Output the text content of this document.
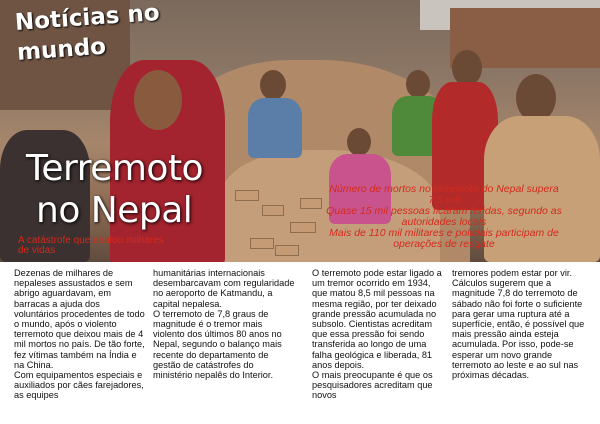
Notícias no mundo
Terremoto
no Nepal
A catástrofe que abalou milhares de vidas
Número de mortos no terremoto do Nepal supera 7,5 mil
Quase 15 mil pessoas ficaram feridas, segundo as autoridades locais
Mais de 110 mil militares e policiais participam de operações de resgate

Dezenas de milhares de nepaleses assustados e sem abrigo aguardavam, em barracas a ajuda dos voluntários procedentes de todo o mundo, após o violento terremoto que deixou mais de 4 mil mortos no país. De tão forte, fez vítimas também na Índia e na China.

Com equipamentos especiais e auxiliados por cães farejadores, as equipes

humanitárias internacionais desembarcavam com regularidade no aeroporto de Katmandu, a capital nepalesa.

O terremoto de 7,8 graus de magnitude é o tremor mais violento dos últimos 80 anos no Nepal, segundo o balanço mais recente do departamento de gestão de catástrofes do ministério nepalês do Interior.

O terremoto pode estar ligado a um tremor ocorrido em 1934, que matou 8,5 mil pessoas na mesma região, por ter deixado grande pressão acumulada no subsolo. Cientistas acreditam que essa pressão foi sendo transferida ao longo de uma falha geológica e liberada, 81 anos depois.

O mais preocupante é que os pesquisadores acreditam que novos

tremores podem estar por vir. Cálculos sugerem que a magnitude 7,8 do terremoto de sábado não foi forte o suficiente para gerar uma ruptura até a superfície, então, é possível que mais pressão ainda esteja acumulada. Por isso, pode-se esperar um novo grande terremoto ao leste e ao sul nas próximas décadas.
